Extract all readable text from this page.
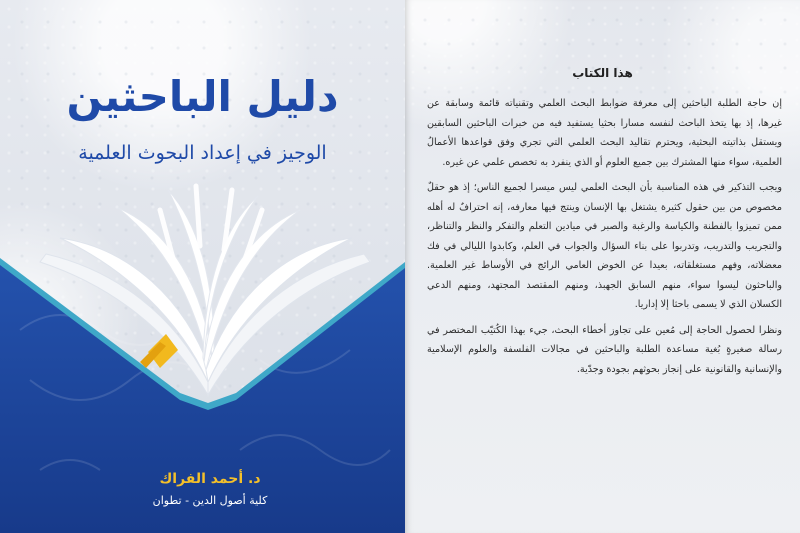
دليل الباحثين
الوجيز في إعداد البحوث العلمية
د. أحمد الفراك
كلية أصول الدين - تطوان
هذا الكتاب

إن حاجة الطلبة الباحثين إلى معرفة ضوابط البحث العلمي وتقنياته قائمة وسابقة عن غيرها، إذ بها يتخذ الباحث لنفسه مسارا بحثيا يستفيد فيه من خبرات الباحثين السابقين ويستقل بذاتيته البحثية، ويحترم تقاليد البحث العلمي التي تجري وفق قواعدها الأعمالُ العلمية، سواء منها المشترك بين جميع العلوم أو الذي ينفرد به تخصص علمي عن غيره.

ويجب التذكير في هذه المناسبة بأن البحث العلمي ليس ميسرا لجميع الناس؛ إذ هو حقلٌ مخصوص من بين حقول كثيرة يشتغل بها الإنسان وينتج فيها معارفه، إنه احترافٌ له أهله ممن تميزوا بالفطنة والكياسة والرغبة والصبر في ميادين التعلم والتفكر والنظر والتناظر، والتجريب والتدريب، وتدربوا على بناء السؤال والجواب في العلم، وكابدوا الليالي في فك معضلاته، وفهم مستغلقاته، بعيدا عن الخوض العامي الرائج في الأوساط غير العلمية. والباحثون ليسوا سواء، منهم السابق الجهبذ، ومنهم المقتصد المجتهد، ومنهم الدعي الكسلان الذي لا يسمى باحثا إلا إداريا.

ونظرا لحصول الحاجة إلى مُعين على تجاوز أخطاء البحث، جيء بهذا الكُتيّب المختصر في رسالة صغيرةٍ بُغية مساعدة الطلبة والباحثين في مجالات الفلسفة والعلوم الإسلامية والإنسانية والقانونية على إنجاز بحوثهم بجودة وجدّية.
